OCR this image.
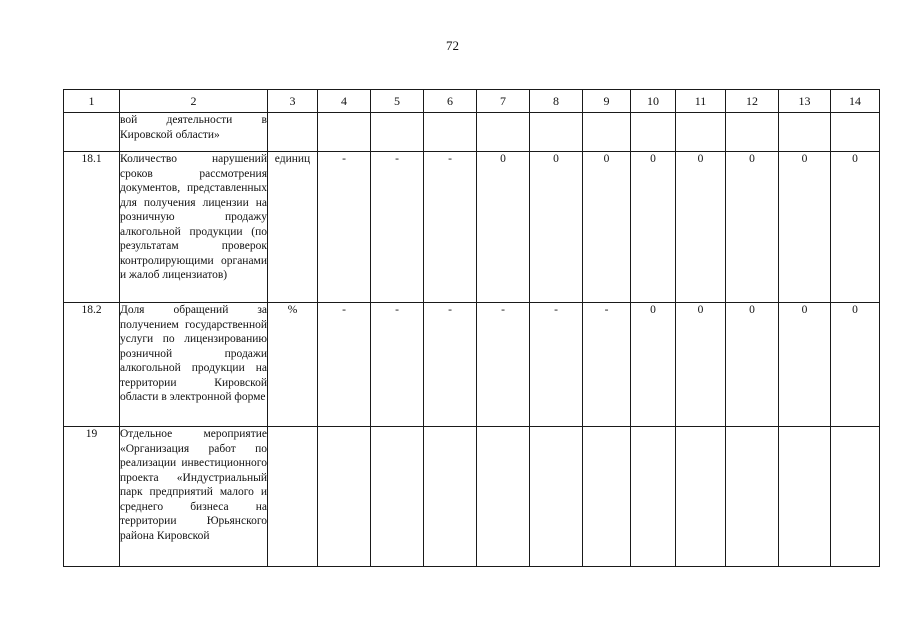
72
1	2	3	4	5	6	7	8	9	10	11	12	13	14
	вой деятельности в Кировской области»												
18.1	Количество нарушений сроков рассмотрения документов, представленных для получения лицензии на розничную продажу алкогольной продукции (по результатам проверок контролирующими органами и жалоб лицензиатов)	единиц	-	-	-	0	0	0	0	0	0	0	0
18.2	Доля обращений за получением государственной услуги по лицензированию розничной продажи алкогольной продукции на территории Кировской области в электронной форме	%	-	-	-	-	-	-	0	0	0	0	0
19	Отдельное мероприятие «Организация работ по реализации инвестиционного проекта «Индустриальный парк предприятий малого и среднего бизнеса на территории Юрьянского района Кировской												
